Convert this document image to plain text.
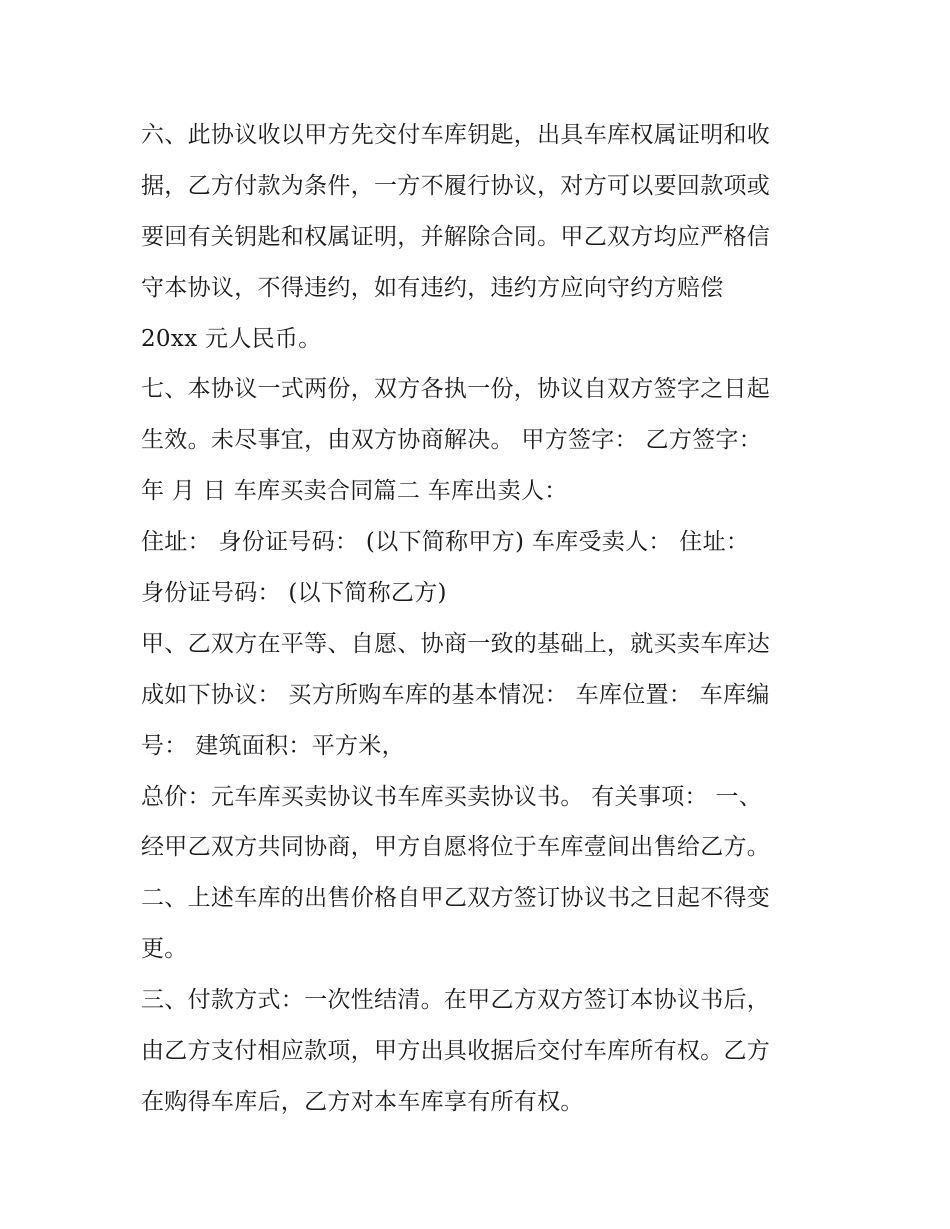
六、此协议收以甲方先交付车库钥匙，出具车库权属证明和收
据，乙方付款为条件，一方不履行协议，对方可以要回款项或
要回有关钥匙和权属证明，并解除合同。甲乙双方均应严格信
守本协议，不得违约，如有违约，违约方应向守约方赔偿
20xx 元人民币。
七、本协议一式两份，双方各执一份，协议自双方签字之日起
生效。未尽事宜，由双方协商解决。 甲方签字： 乙方签字：
年 月 日 车库买卖合同篇二 车库出卖人：
住址： 身份证号码： (以下简称甲方) 车库受卖人： 住址：
身份证号码： (以下简称乙方)
甲、乙双方在平等、自愿、协商一致的基础上，就买卖车库达
成如下协议： 买方所购车库的基本情况： 车库位置： 车库编
号： 建筑面积：平方米，
总价：元车库买卖协议书车库买卖协议书。 有关事项： 一、
经甲乙双方共同协商，甲方自愿将位于车库壹间出售给乙方。
二、上述车库的出售价格自甲乙双方签订协议书之日起不得变
更。
三、付款方式：一次性结清。在甲乙方双方签订本协议书后，
由乙方支付相应款项，甲方出具收据后交付车库所有权。乙方
在购得车库后，乙方对本车库享有所有权。
